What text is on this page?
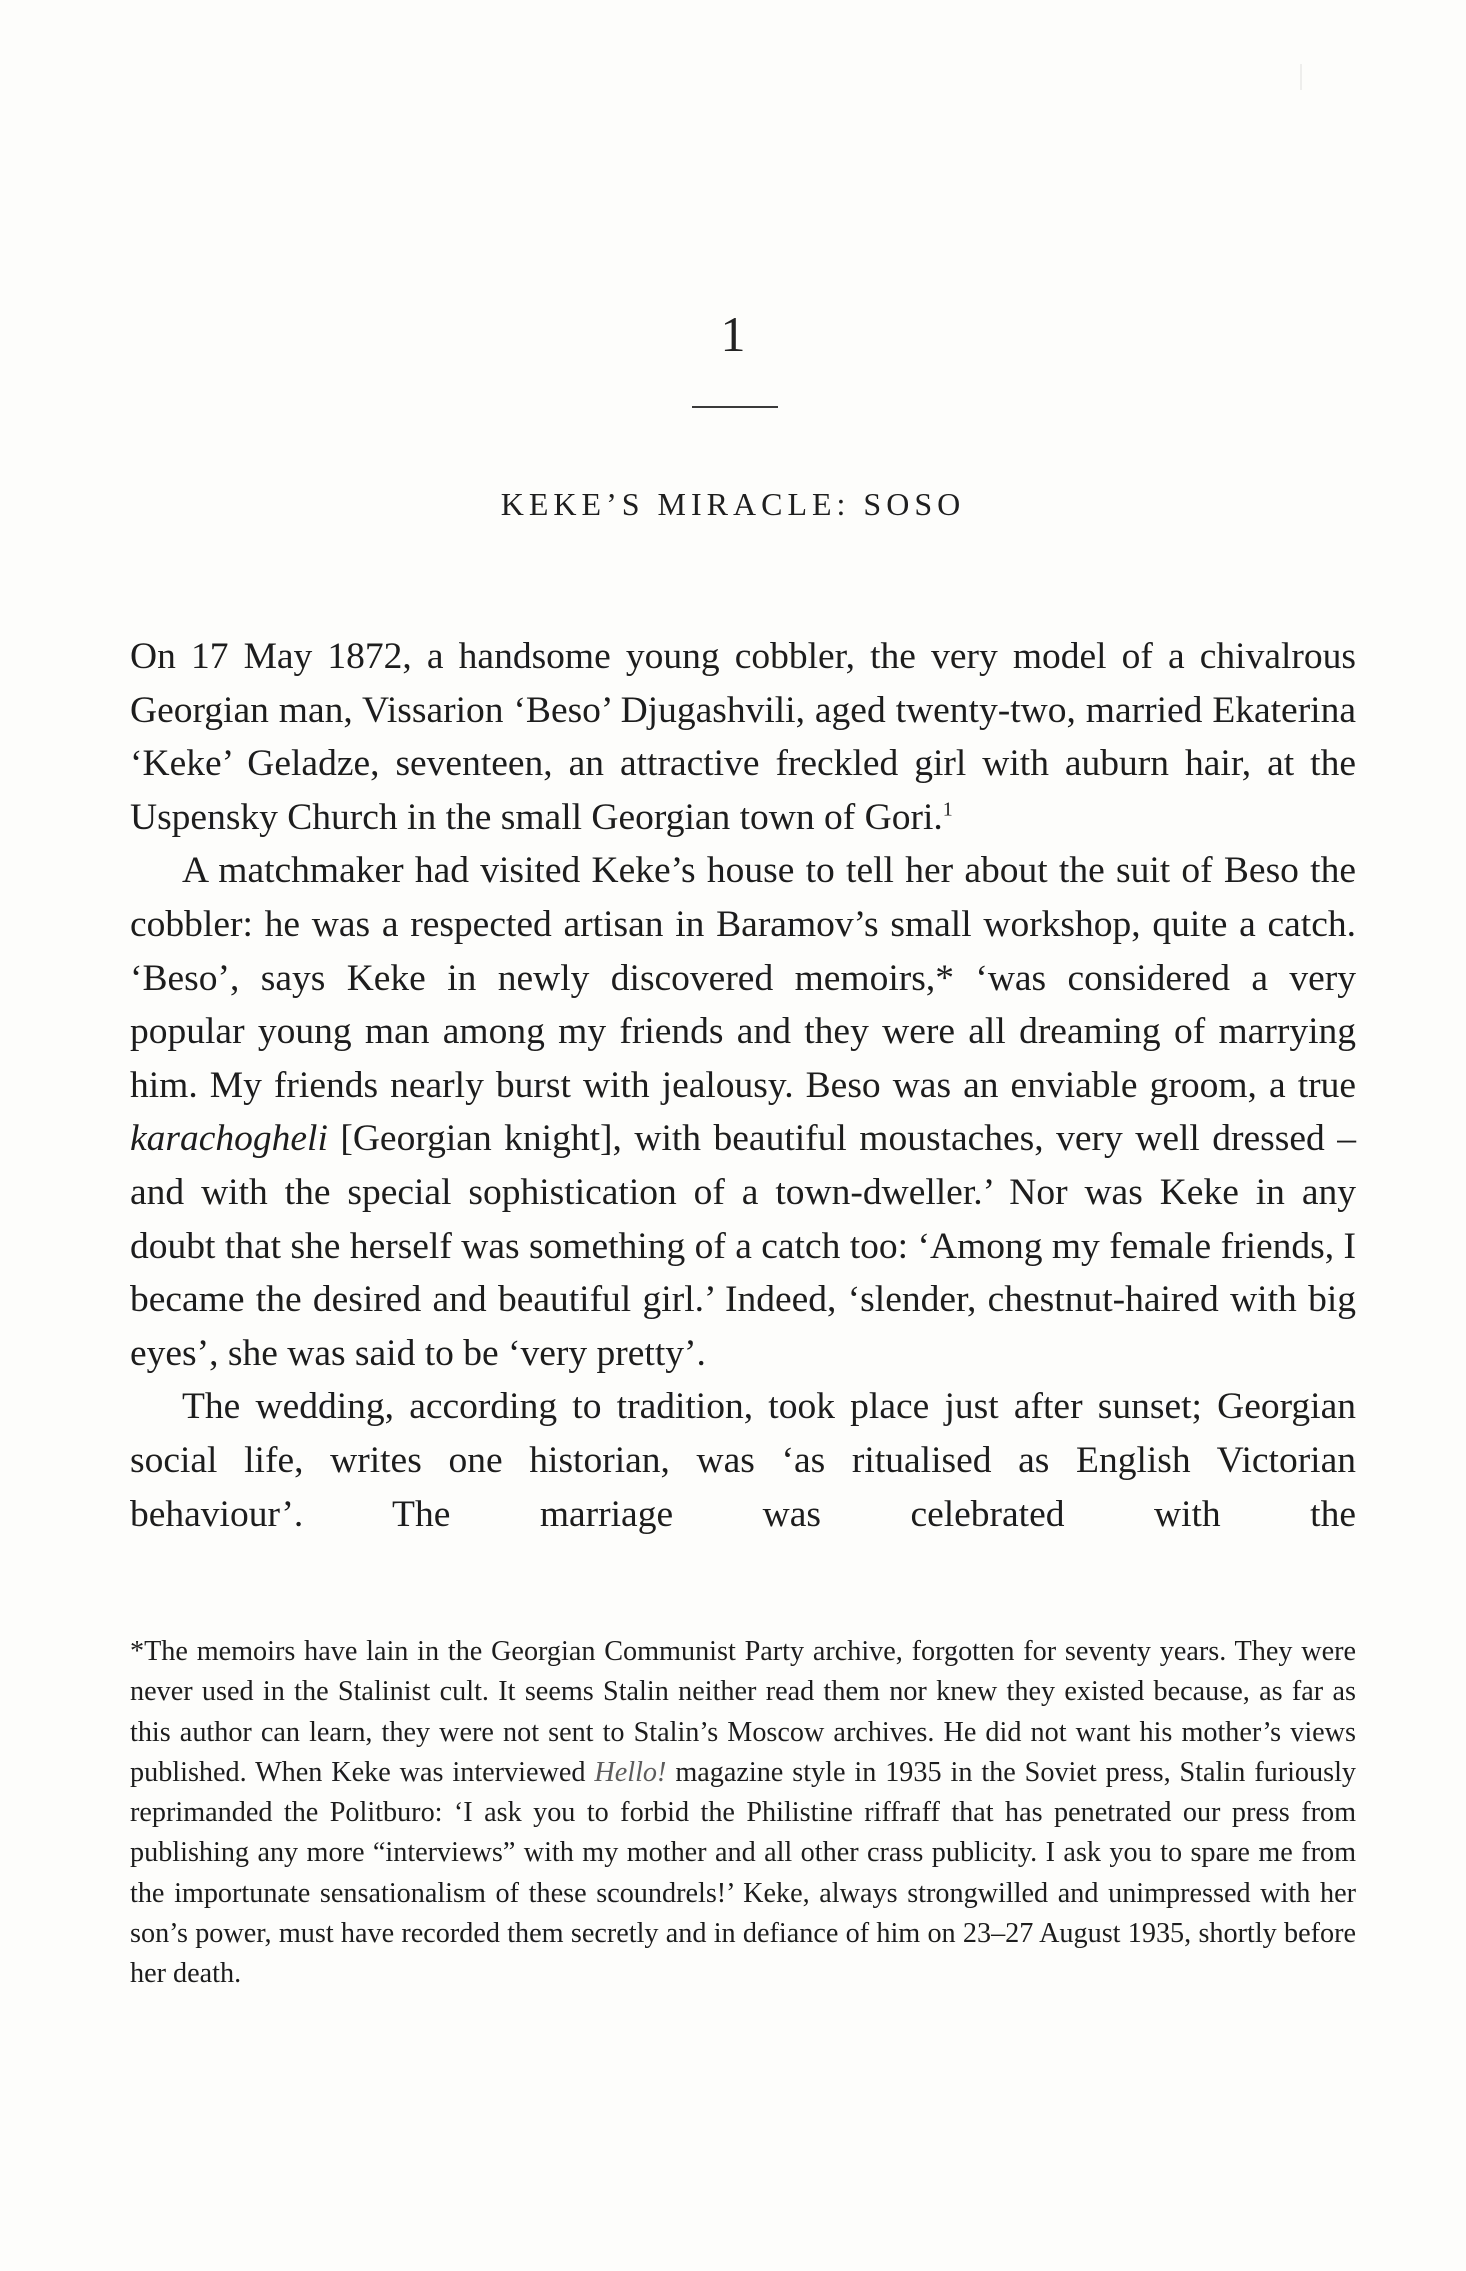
1
keke’s miracle: soso

On 17 May 1872, a handsome young cobbler, the very model of a chivalrous Georgian man, Vissarion ‘Beso’ Djugashvili, aged twenty-two, married Ekaterina ‘Keke’ Geladze, seventeen, an attractive freckled girl with auburn hair, at the Uspensky Church in the small Georgian town of Gori.$^1$

A matchmaker had visited Keke’s house to tell her about the suit of Beso the cobbler: he was a respected artisan in Baramov’s small workshop, quite a catch. ‘Beso’, says Keke in newly discovered memoirs,* ‘was considered a very popular young man among my friends and they were all dreaming of marrying him. My friends nearly burst with jealousy. Beso was an enviable groom, a true karachogheli [Georgian knight], with beautiful moustaches, very well dressed – and with the special sophistication of a town-dweller.’ Nor was Keke in any doubt that she herself was something of a catch too: ‘Among my female friends, I became the desired and beautiful girl.’ Indeed, ‘slender, chestnut-haired with big eyes’, she was said to be ‘very pretty’.

The wedding, according to tradition, took place just after sunset; Georgian social life, writes one historian, was ‘as ritualised as English Victorian behaviour’. The marriage was celebrated with the

*The memoirs have lain in the Georgian Communist Party archive, forgotten for seventy years. They were never used in the Stalinist cult. It seems Stalin neither read them nor knew they existed because, as far as this author can learn, they were not sent to Stalin’s Moscow archives. He did not want his mother’s views published. When Keke was interviewed Hello! magazine style in 1935 in the Soviet press, Stalin furiously reprimanded the Politburo: ‘I ask you to forbid the Philistine riffraff that has penetrated our press from publishing any more “interviews” with my mother and all other crass publicity. I ask you to spare me from the importunate sensationalism of these scoundrels!’ Keke, always strongwilled and unimpressed with her son’s power, must have recorded them secretly and in defiance of him on 23–27 August 1935, shortly before her death.
